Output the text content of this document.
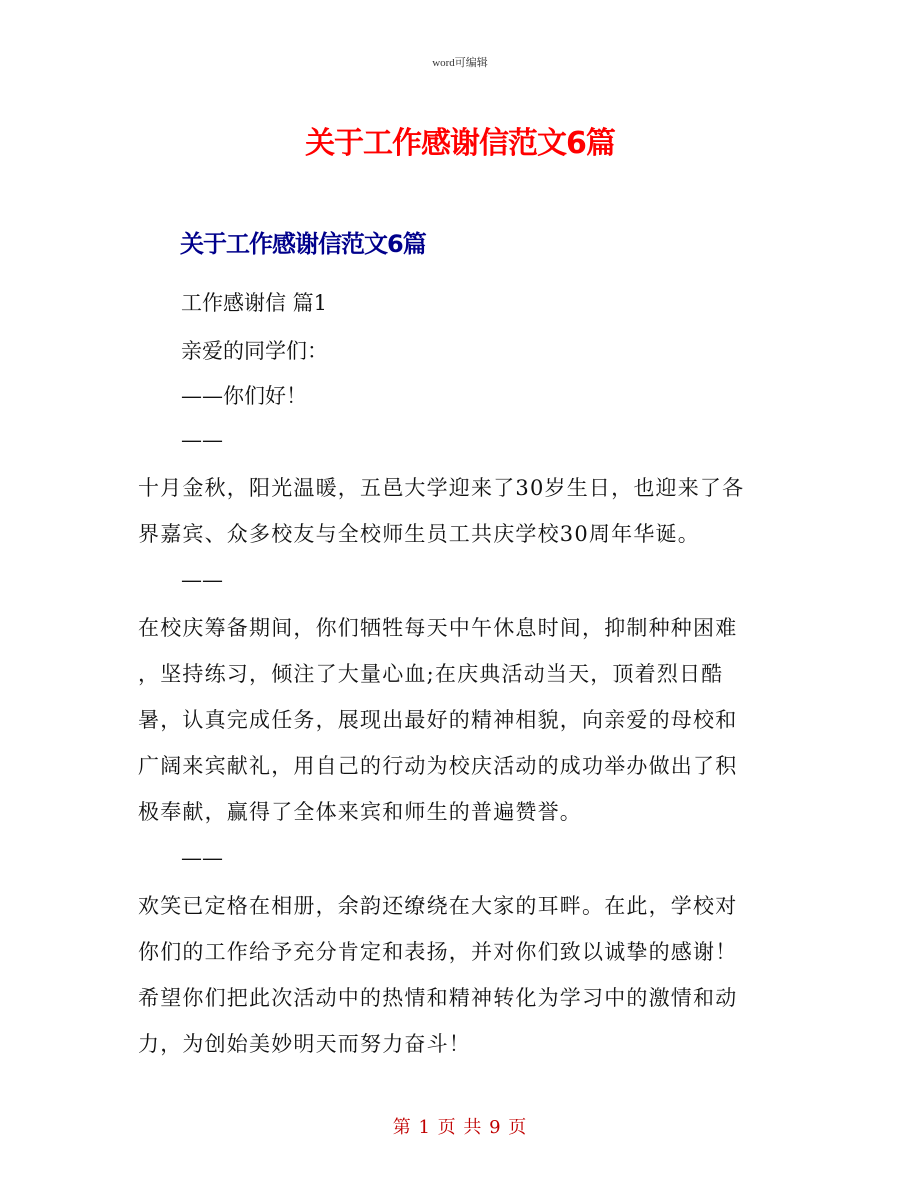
word可编辑
关于工作感谢信范文6篇
关于工作感谢信范文6篇
工作感谢信 篇1
亲爱的同学们：
——你们好！
——
十月金秋，阳光温暖，五邑大学迎来了30岁生日，也迎来了各
界嘉宾、众多校友与全校师生员工共庆学校30周年华诞。
——
在校庆筹备期间，你们牺牲每天中午休息时间，抑制种种困难
，坚持练习，倾注了大量心血;在庆典活动当天，顶着烈日酷
暑，认真完成任务，展现出最好的精神相貌，向亲爱的母校和
广阔来宾献礼，用自己的行动为校庆活动的成功举办做出了积
极奉献，赢得了全体来宾和师生的普遍赞誉。
——
欢笑已定格在相册，余韵还缭绕在大家的耳畔。在此，学校对
你们的工作给予充分肯定和表扬，并对你们致以诚挚的感谢！
希望你们把此次活动中的热情和精神转化为学习中的激情和动
力，为创始美妙明天而努力奋斗！
第 1 页 共 9 页
